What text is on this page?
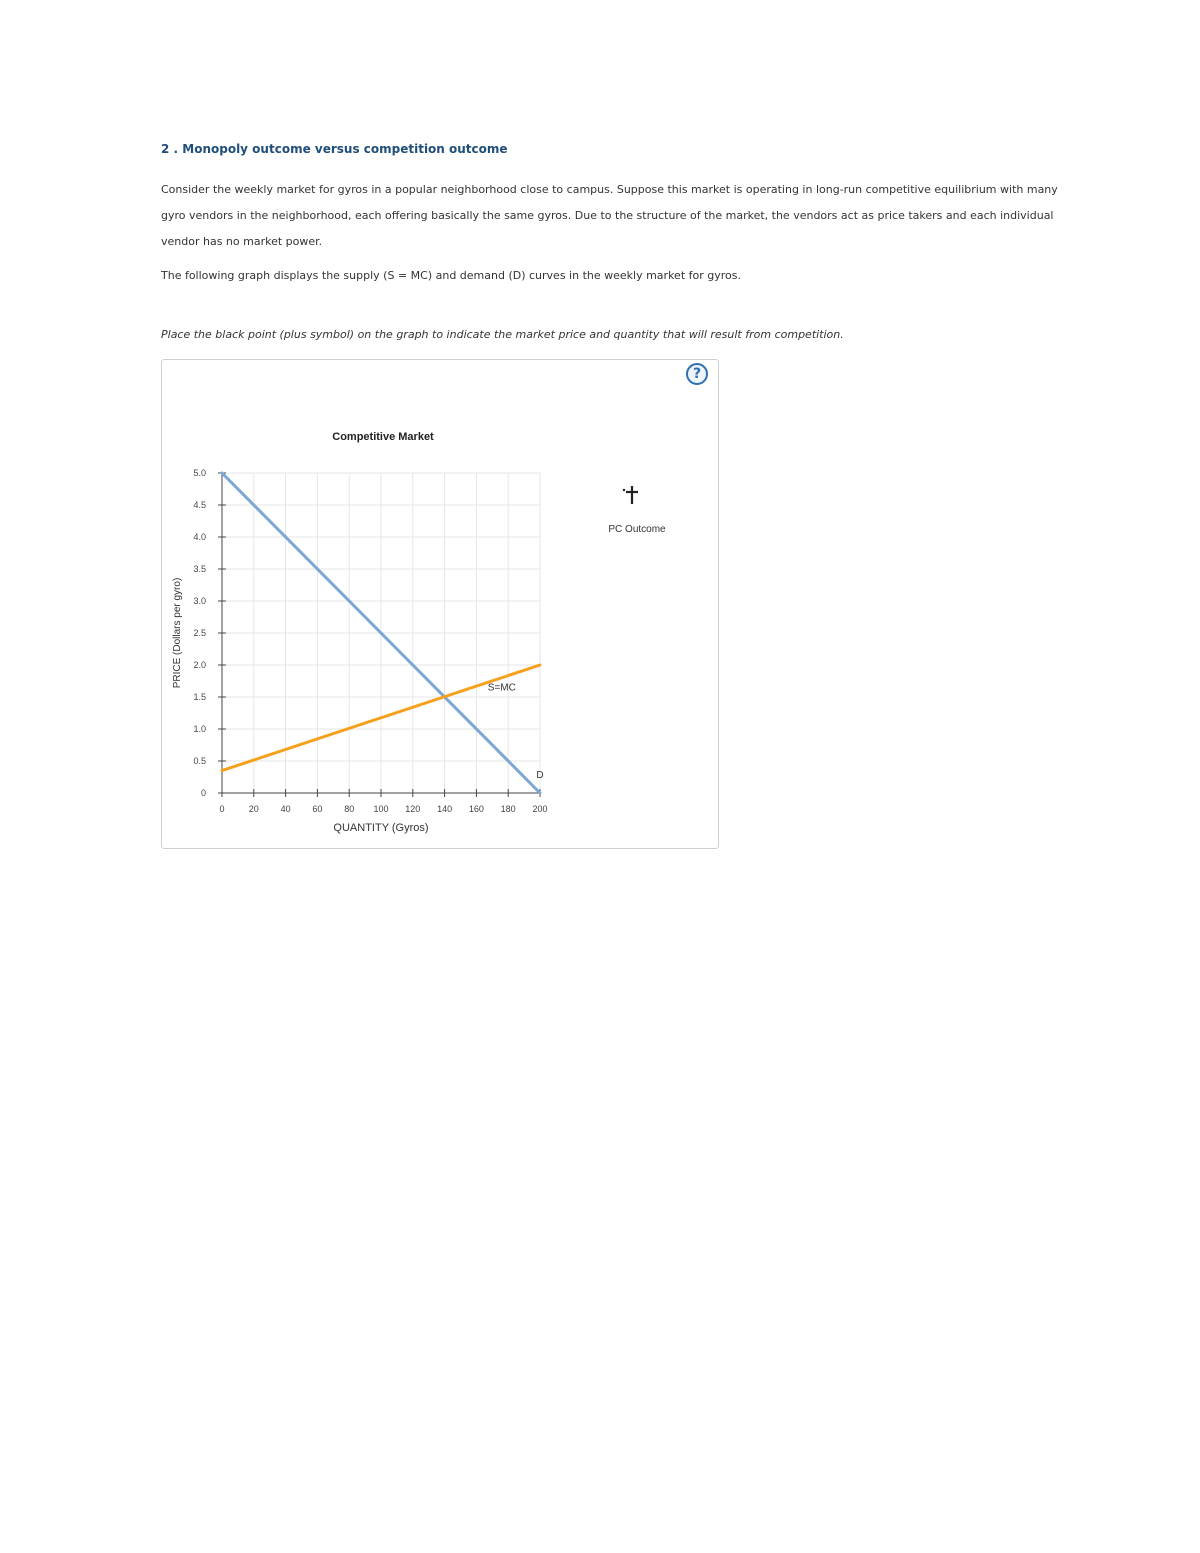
2 . Monopoly outcome versus competition outcome
Consider the weekly market for gyros in a popular neighborhood close to campus. Suppose this market is operating in long-run competitive equilibrium with many gyro vendors in the neighborhood, each offering basically the same gyros. Due to the structure of the market, the vendors act as price takers and each individual vendor has no market power.
The following graph displays the supply (S = MC) and demand (D) curves in the weekly market for gyros.
Place the black point (plus symbol) on the graph to indicate the market price and quantity that will result from competition.
?
0	20 40 60 80 100 120 140 160 180 200
0
0.5
1.0
1.5
2.0
2.5
3.0
3.5
4.0
4.5
5.0
D
S=MC
Competitive Market
QUANTITY (Gyros)
PRICE (Dollars per gyro)
PC Outcome
